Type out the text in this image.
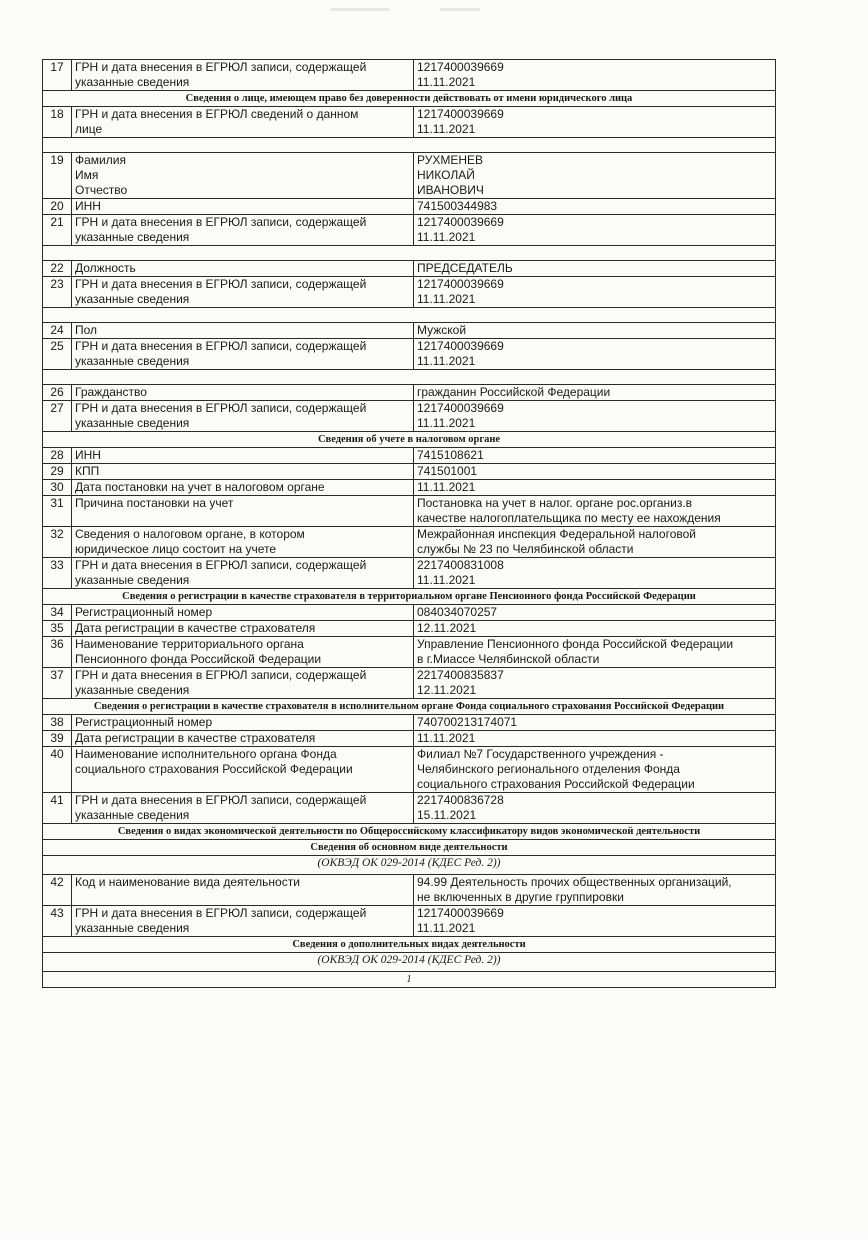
17	ГРН и дата внесения в ЕГРЮЛ записи, содержащей
указанные сведения	1217400039669
11.11.2021

Сведения о лице, имеющем право без доверенности действовать от имени юридического лица		
18	ГРН и дата внесения в ЕГРЮЛ сведений о данном
лице	1217400039669
11.11.2021

19	Фамилия
Имя
Отчество	РУХМЕНЕВ
НИКОЛАЙ
ИВАНОВИЧ

20	ИНН	741500344983

21	ГРН и дата внесения в ЕГРЮЛ записи, содержащей
указанные сведения	1217400039669
11.11.2021

22	Должность	ПРЕДСЕДАТЕЛЬ

23	ГРН и дата внесения в ЕГРЮЛ записи, содержащей
указанные сведения	1217400039669
11.11.2021

24	Пол	Мужской

25	ГРН и дата внесения в ЕГРЮЛ записи, содержащей
указанные сведения	1217400039669
11.11.2021

26	Гражданство	гражданин Российской Федерации

27	ГРН и дата внесения в ЕГРЮЛ записи, содержащей
указанные сведения	1217400039669
11.11.2021

Сведения об учете в налоговом органе		
28	ИНН	7415108621

29	КПП	741501001

30	Дата постановки на учет в налоговом органе	11.11.2021

31	Причина постановки на учет	Постановка на учет в налог. органе рос.организ.в
качестве налогоплательщика по месту ее нахождения

32	Сведения о налоговом органе, в котором
юридическое лицо состоит на учете	Межрайонная инспекция Федеральной налоговой
службы № 23 по Челябинской области

33	ГРН и дата внесения в ЕГРЮЛ записи, содержащей
указанные сведения	2217400831008
11.11.2021

Сведения о регистрации в качестве страхователя в территориальном органе Пенсионного фонда Российской Федерации		
34	Регистрационный номер	084034070257

35	Дата регистрации в качестве страхователя	12.11.2021

36	Наименование территориального органа
Пенсионного фонда Российской Федерации	Управление Пенсионного фонда Российской Федерации
в г.Миассе Челябинской области

37	ГРН и дата внесения в ЕГРЮЛ записи, содержащей
указанные сведения	2217400835837
12.11.2021

Сведения о регистрации в качестве страхователя в исполнительном органе Фонда социального страхования Российской Федерации		
38	Регистрационный номер	740700213174071

39	Дата регистрации в качестве страхователя	11.11.2021

40	Наименование исполнительного органа Фонда
социального страхования Российской Федерации	Филиал №7 Государственного учреждения -
Челябинского регионального отделения Фонда
социального страхования Российской Федерации

41	ГРН и дата внесения в ЕГРЮЛ записи, содержащей
указанные сведения	2217400836728
15.11.2021

Сведения о видах экономической деятельности по Общероссийскому классификатору видов экономической деятельности		
Сведения об основном виде деятельности		
(ОКВЭД ОК 029-2014 (КДЕС Ред. 2))		
42	Код и наименование вида деятельности	94.99 Деятельность прочих общественных организаций,
не включенных в другие группировки

43	ГРН и дата внесения в ЕГРЮЛ записи, содержащей
указанные сведения	1217400039669
11.11.2021

Сведения о дополнительных видах деятельности		
(ОКВЭД ОК 029-2014 (КДЕС Ред. 2))		
1		
